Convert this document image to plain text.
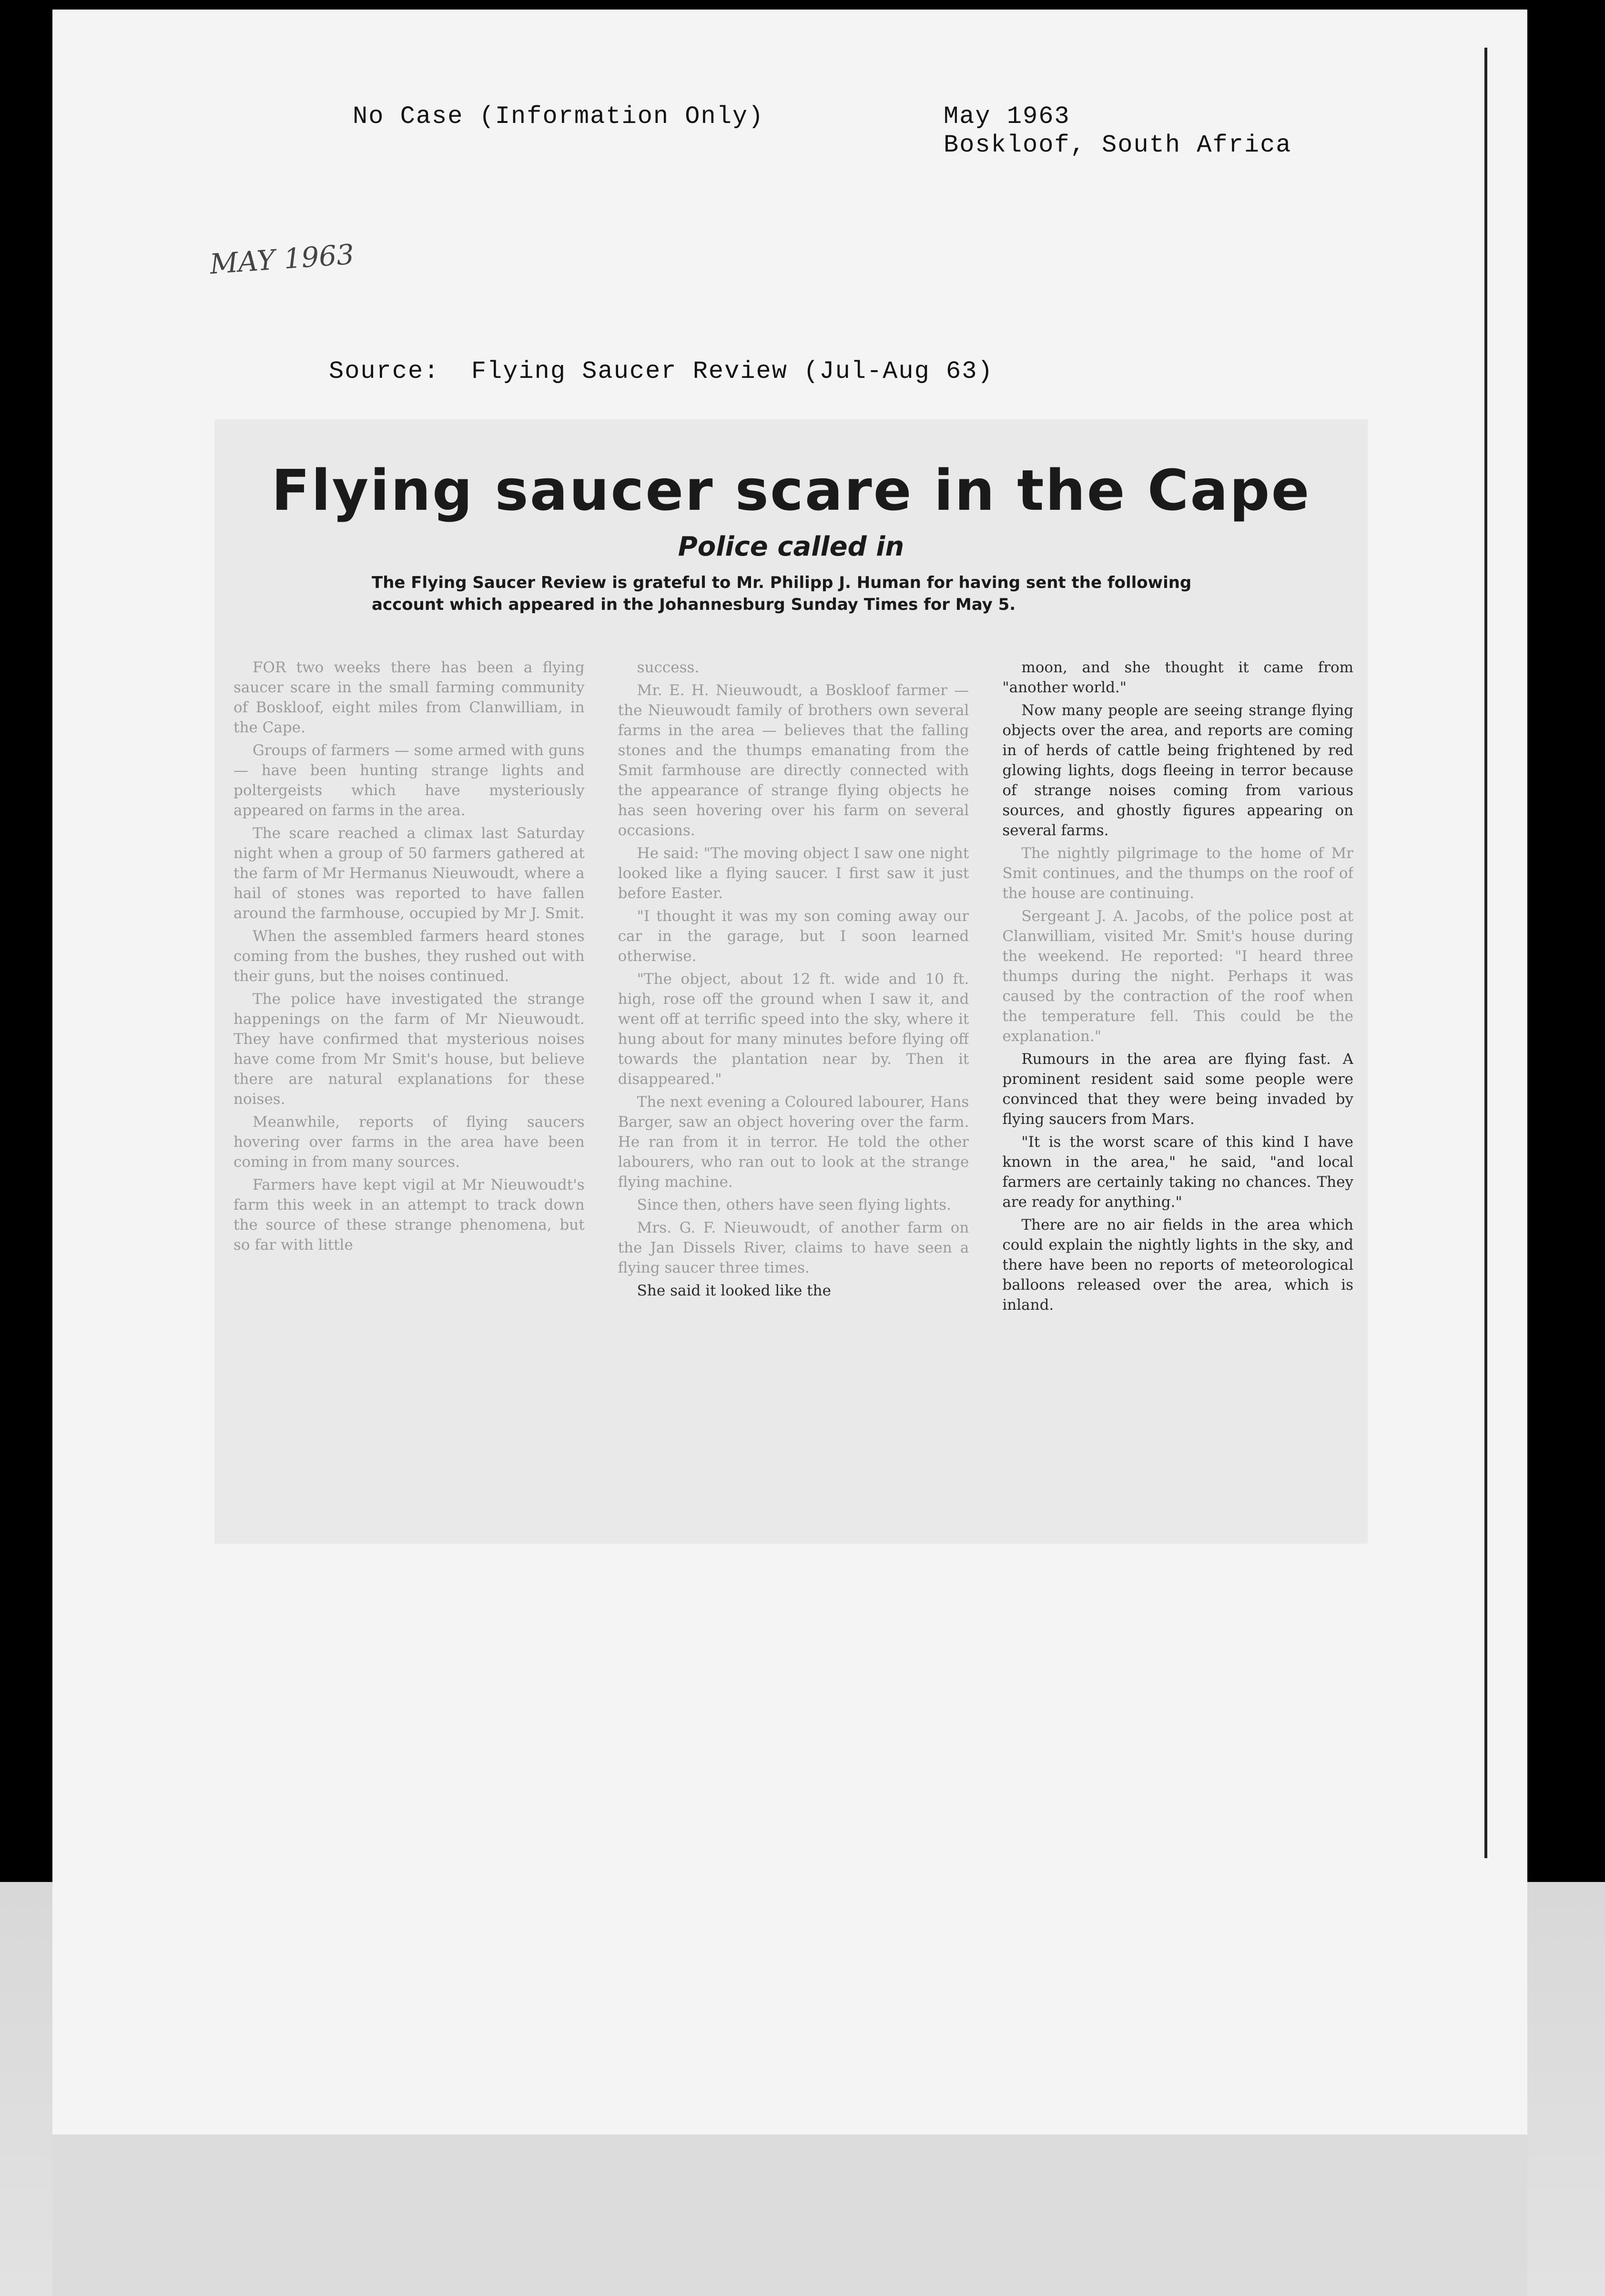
No Case (Information Only)	May 1963
Boskloof, South Africa
MAY 1963
Source:  Flying Saucer Review (Jul-Aug 63)
Flying saucer scare in the Cape
Police called in
The Flying Saucer Review is grateful to Mr. Philipp J. Human for having sent the following account which appeared in the Johannesburg Sunday Times for May 5.

FOR two weeks there has been a flying saucer scare in the small farming community of Boskloof, eight miles from Clanwilliam, in the Cape.

Groups of farmers — some armed with guns — have been hunting strange lights and poltergeists which have mysteriously appeared on farms in the area.

The scare reached a climax last Saturday night when a group of 50 farmers gathered at the farm of Mr Hermanus Nieuwoudt, where a hail of stones was reported to have fallen around the farmhouse, occupied by Mr J. Smit.

When the assembled farmers heard stones coming from the bushes, they rushed out with their guns, but the noises continued.

The police have investigated the strange happenings on the farm of Mr Nieuwoudt. They have confirmed that mysterious noises have come from Mr Smit's house, but believe there are natural explanations for these noises.

Meanwhile, reports of flying saucers hovering over farms in the area have been coming in from many sources.

Farmers have kept vigil at Mr Nieuwoudt's farm this week in an attempt to track down the source of these strange phenomena, but so far with little

success.

Mr. E. H. Nieuwoudt, a Boskloof farmer — the Nieuwoudt family of brothers own several farms in the area — believes that the falling stones and the thumps emanating from the Smit farmhouse are directly connected with the appearance of strange flying objects he has seen hovering over his farm on several occasions.

He said: "The moving object I saw one night looked like a flying saucer. I first saw it just before Easter.

"I thought it was my son coming away our car in the garage, but I soon learned otherwise.

"The object, about 12 ft. wide and 10 ft. high, rose off the ground when I saw it, and went off at terrific speed into the sky, where it hung about for many minutes before flying off towards the plantation near by. Then it disappeared."

The next evening a Coloured labourer, Hans Barger, saw an object hovering over the farm. He ran from it in terror. He told the other labourers, who ran out to look at the strange flying machine.

Since then, others have seen flying lights.

Mrs. G. F. Nieuwoudt, of another farm on the Jan Dissels River, claims to have seen a flying saucer three times.

She said it looked like the

moon, and she thought it came from "another world."

Now many people are seeing strange flying objects over the area, and reports are coming in of herds of cattle being frightened by red glowing lights, dogs fleeing in terror because of strange noises coming from various sources, and ghostly figures appearing on several farms.

The nightly pilgrimage to the home of Mr Smit continues, and the thumps on the roof of the house are continuing.

Sergeant J. A. Jacobs, of the police post at Clanwilliam, visited Mr. Smit's house during the weekend. He reported: "I heard three thumps during the night. Perhaps it was caused by the contraction of the roof when the temperature fell. This could be the explanation."

Rumours in the area are flying fast. A prominent resident said some people were convinced that they were being invaded by flying saucers from Mars.

"It is the worst scare of this kind I have known in the area," he said, "and local farmers are certainly taking no chances. They are ready for anything."

There are no air fields in the area which could explain the nightly lights in the sky, and there have been no reports of meteorological balloons released over the area, which is inland.
